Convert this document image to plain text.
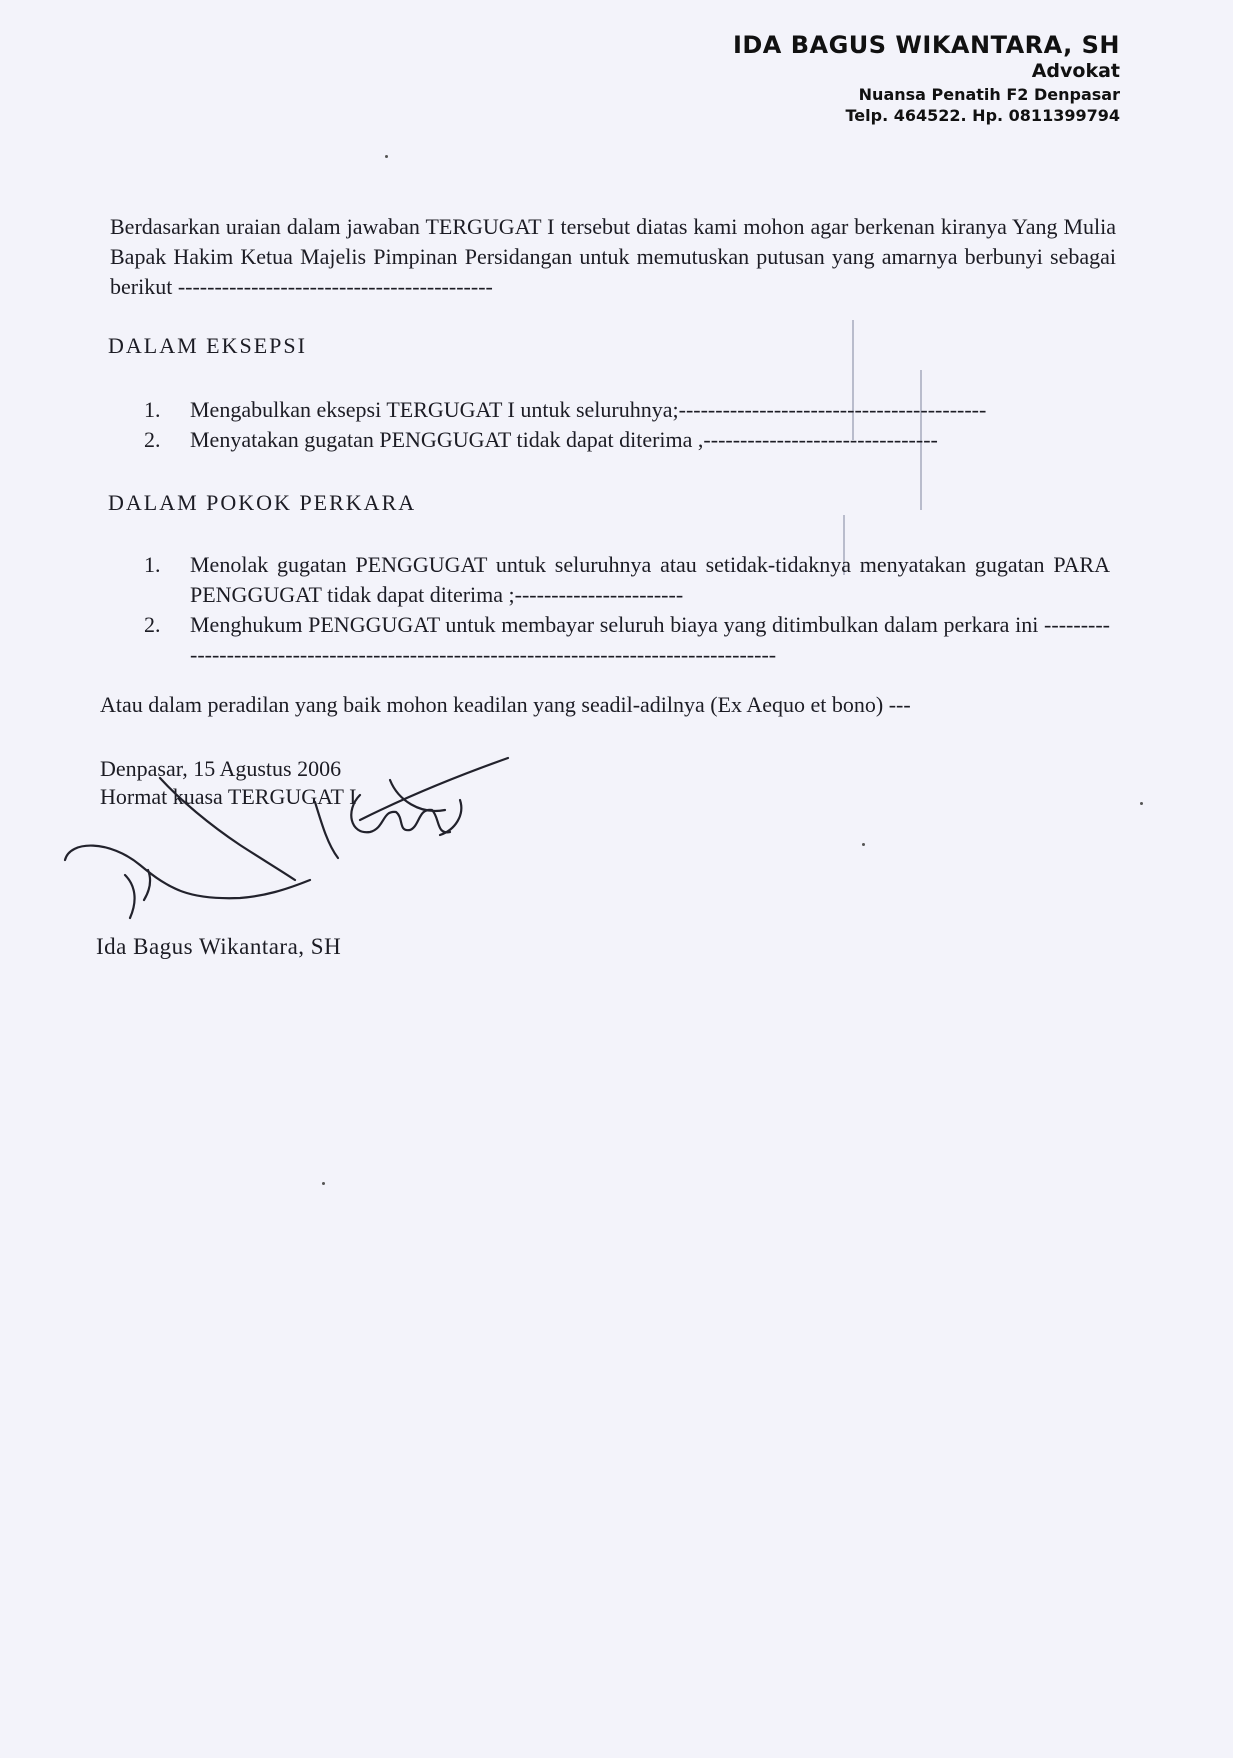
IDA BAGUS WIKANTARA, SH
Advokat
Nuansa Penatih F2 Denpasar
Telp. 464522. Hp. 0811399794
Berdasarkan uraian dalam jawaban TERGUGAT I tersebut diatas kami mohon agar berkenan kiranya Yang Mulia Bapak Hakim Ketua Majelis Pimpinan Persidangan untuk memutuskan putusan yang amarnya berbunyi sebagai berikut -------------------------------------------
DALAM EKSEPSI
1. Mengabulkan eksepsi TERGUGAT I untuk seluruhnya;------------------------------------------
2. Menyatakan gugatan PENGGUGAT tidak dapat diterima ,--------------------------------
DALAM POKOK PERKARA
1. Menolak gugatan PENGGUGAT untuk seluruhnya atau setidak-tidaknya menyatakan gugatan PARA PENGGUGAT tidak dapat diterima ;-----------------------
2. Menghukum PENGGUGAT untuk membayar seluruh biaya yang ditimbulkan dalam perkara ini -----------------------------------------------------------------------------------------
Atau dalam peradilan yang baik mohon keadilan yang seadil-adilnya (Ex Aequo et bono) ---
Denpasar, 15 Agustus 2006
Hormat kuasa TERGUGAT I
Ida Bagus Wikantara, SH
